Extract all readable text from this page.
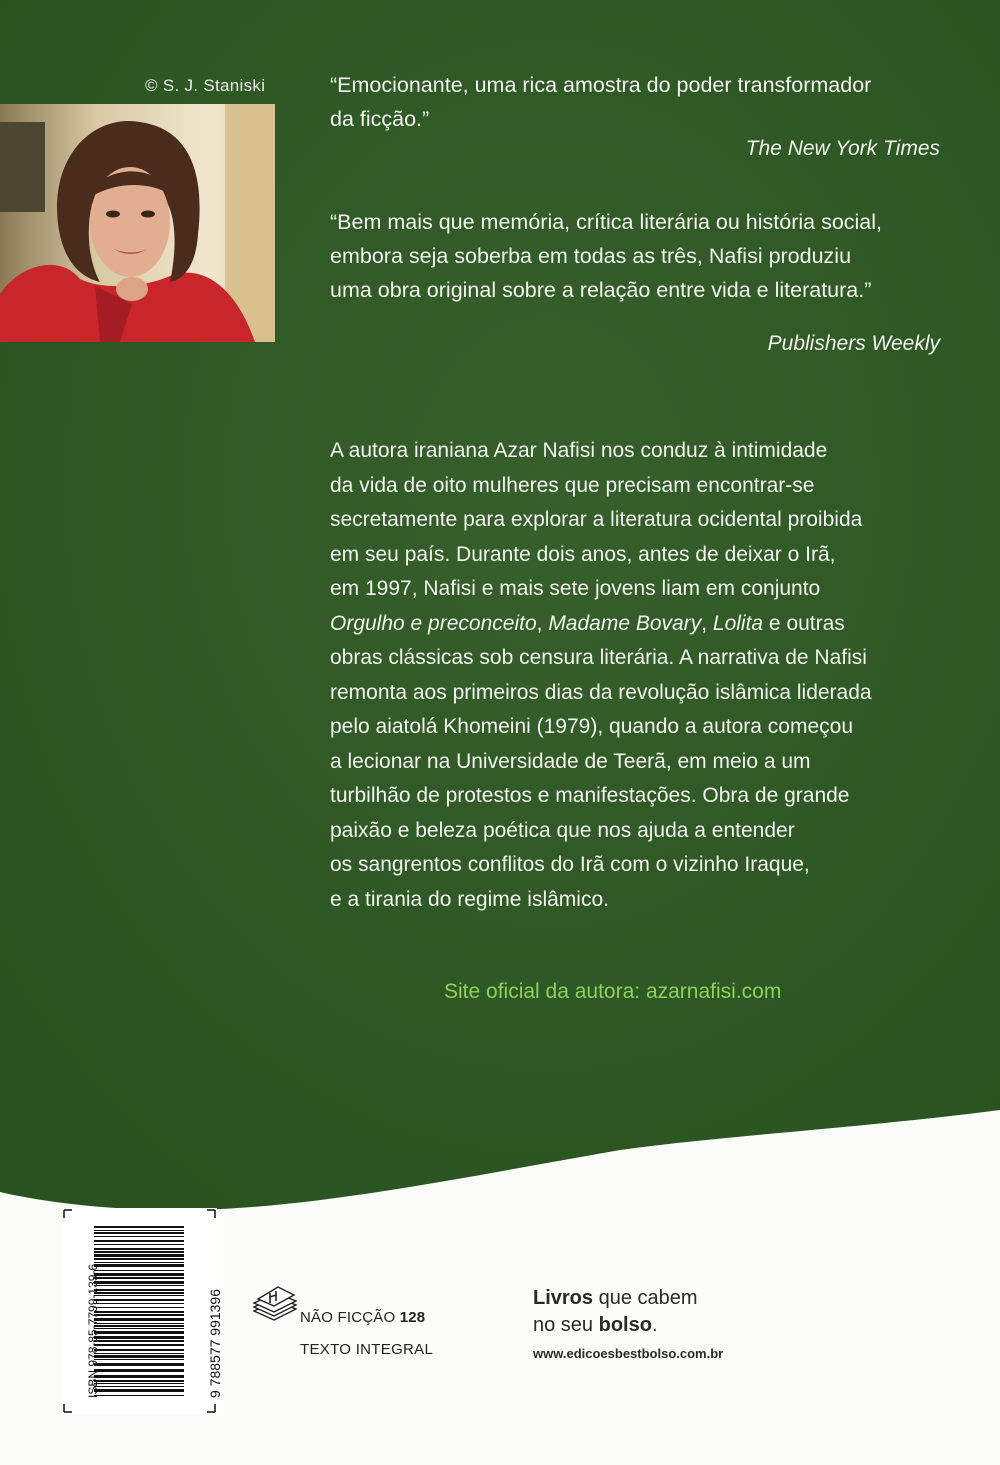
© S. J. Staniski	“Emocionante, uma rica amostra do poder transformador
da ficção.”
The New York Times
“Bem mais que memória, crítica literária ou história social,
embora seja soberba em todas as três, Nafisi produziu
uma obra original sobre a relação entre vida e literatura.”
Publishers Weekly

A autora iraniana Azar Nafisi nos conduz à intimidade

da vida de oito mulheres que precisam encontrar-se

secretamente para explorar a literatura ocidental proibida

em seu país. Durante dois anos, antes de deixar o Irã,

em 1997, Nafisi e mais sete jovens liam em conjunto

Orgulho e preconceito, Madame Bovary, Lolita e outras

obras clássicas sob censura literária. A narrativa de Nafisi

remonta aos primeiros dias da revolução islâmica liderada

pelo aiatolá Khomeini (1979), quando a autora começou

a lecionar na Universidade de Teerã, em meio a um

turbilhão de protestos e manifestações. Obra de grande

paixão e beleza poética que nos ajuda a entender

os sangrentos conflitos do Irã com o vizinho Iraque,

e a tirania do regime islâmico.

Site oficial da autora: azarnafisi.com
ISBN 978-85-7799-139-6	9 788577 991396	NÃO FICÇÃO 128
TEXTO INTEGRAL
Livros que cabem
no seu bolso.
www.edicoesbestbolso.com.br
